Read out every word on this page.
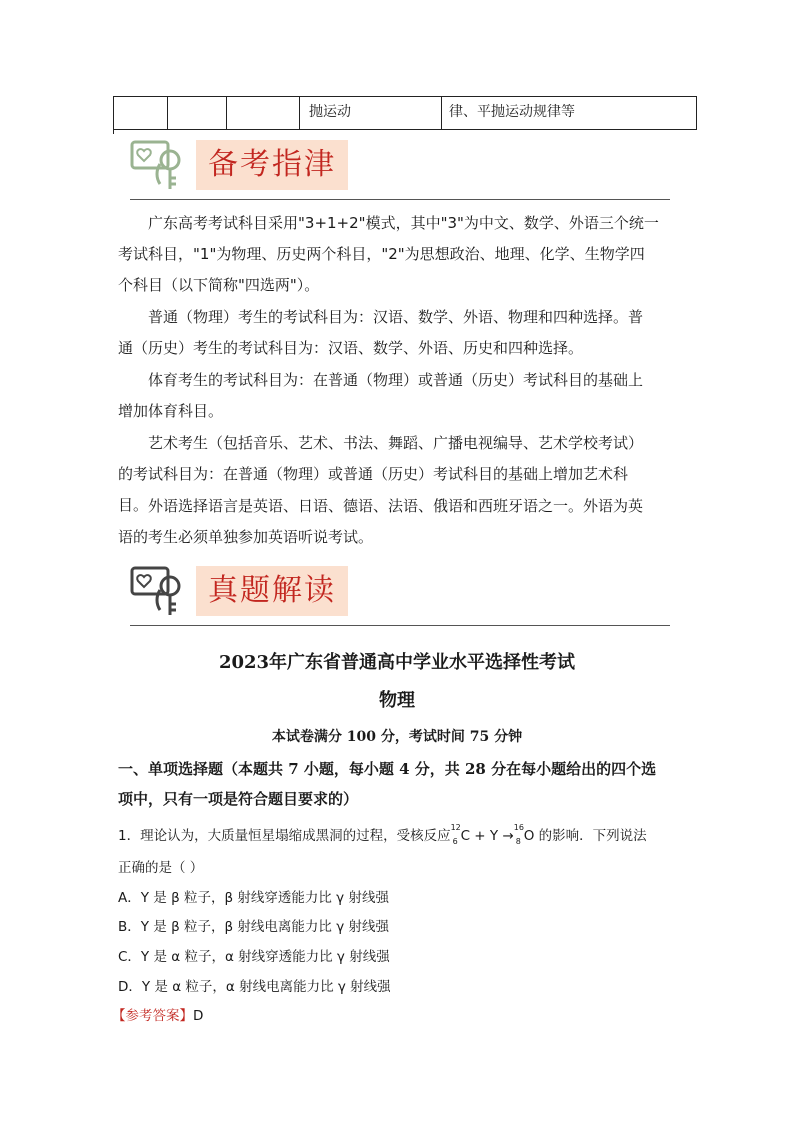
抛运动	律、平抛运动规律等
备考指津
广东高考考试科目采用"3+1+2"模式，其中"3"为中文、数学、外语三个统一
考试科目，"1"为物理、历史两个科目，"2"为思想政治、地理、化学、生物学四
个科目（以下简称"四选两"）。
普通（物理）考生的考试科目为：汉语、数学、外语、物理和四种选择。普
通（历史）考生的考试科目为：汉语、数学、外语、历史和四种选择。
体育考生的考试科目为：在普通（物理）或普通（历史）考试科目的基础上
增加体育科目。
艺术考生（包括音乐、艺术、书法、舞蹈、广播电视编导、艺术学校考试）
的考试科目为：在普通（物理）或普通（历史）考试科目的基础上增加艺术科目。 外语选择语言是英语、日语、德语、法语、俄语和西班牙语之一。外语为英
语的考生必须单独参加英语听说考试。
真题解读
2023年广东省普通高中学业水平选择性考试
物理
本试卷满分 100 分，考试时间 75 分钟
一、单项选择题（本题共 7 小题，每小题 4 分，共 28 分在每小题给出的四个选
项中，只有一项是符合题目要求的）
1．理论认为，大质量恒星塌缩成黑洞的过程，受核反应
12
6 C + Y →
16
8 O 的影响．下列说法
正确的是（ ）
A．Y 是 β 粒子，β 射线穿透能力比 γ 射线强
B．Y 是 β 粒子，β 射线电离能力比 γ 射线强
C．Y 是 α 粒子，α 射线穿透能力比 γ 射线强
D．Y 是 α 粒子，α 射线电离能力比 γ 射线强
【参考答案】D
